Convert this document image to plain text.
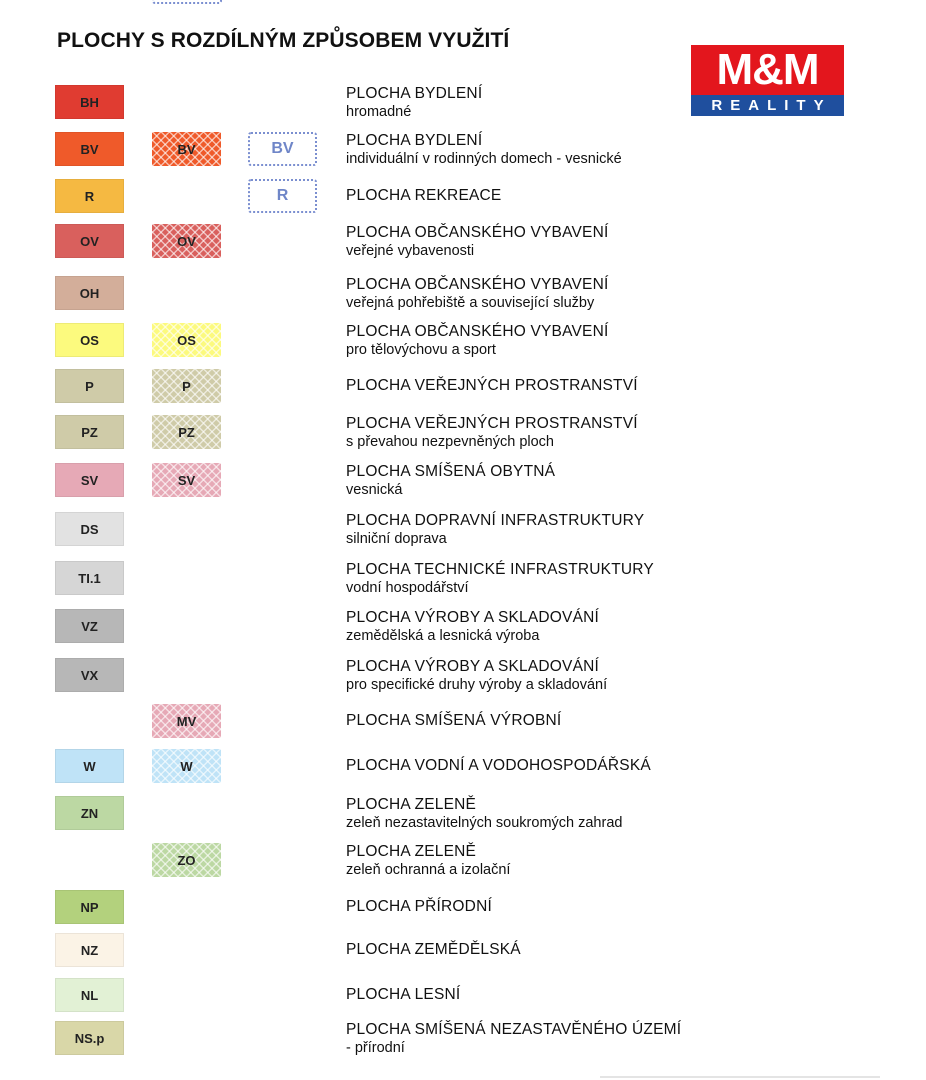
PLOCHY S ROZDÍLNÝM ZPŮSOBEM VYUŽITÍ
M&M
REALITY
BH	PLOCHA BYDLENÍ
hromadné
BV	BV	BV	PLOCHA BYDLENÍ
individuální v rodinných domech - vesnické
R	R	PLOCHA REKREACE
OV	OV	PLOCHA OBČANSKÉHO VYBAVENÍ
veřejné vybavenosti
OH	PLOCHA OBČANSKÉHO VYBAVENÍ
veřejná pohřebiště a související služby
OS	OS	PLOCHA OBČANSKÉHO VYBAVENÍ
pro tělovýchovu a sport
P	P	PLOCHA VEŘEJNÝCH PROSTRANSTVÍ
PZ	PZ	PLOCHA VEŘEJNÝCH PROSTRANSTVÍ
s převahou nezpevněných ploch
SV	SV	PLOCHA SMÍŠENÁ OBYTNÁ
vesnická
DS	PLOCHA DOPRAVNÍ INFRASTRUKTURY
silniční doprava
TI.1	PLOCHA TECHNICKÉ INFRASTRUKTURY
vodní hospodářství
VZ	PLOCHA VÝROBY A SKLADOVÁNÍ
zemědělská a lesnická výroba
VX	PLOCHA VÝROBY A SKLADOVÁNÍ
pro specifické druhy výroby a skladování
MV	PLOCHA SMÍŠENÁ VÝROBNÍ
W	W	PLOCHA VODNÍ A VODOHOSPODÁŘSKÁ
ZN	PLOCHA ZELENĚ
zeleň nezastavitelných soukromých zahrad
ZO	PLOCHA ZELENĚ
zeleň ochranná a izolační
NP	PLOCHA PŘÍRODNÍ
NZ	PLOCHA ZEMĚDĚLSKÁ
NL	PLOCHA LESNÍ
NS.p	PLOCHA SMÍŠENÁ NEZASTAVĚNÉHO ÚZEMÍ
- přírodní
